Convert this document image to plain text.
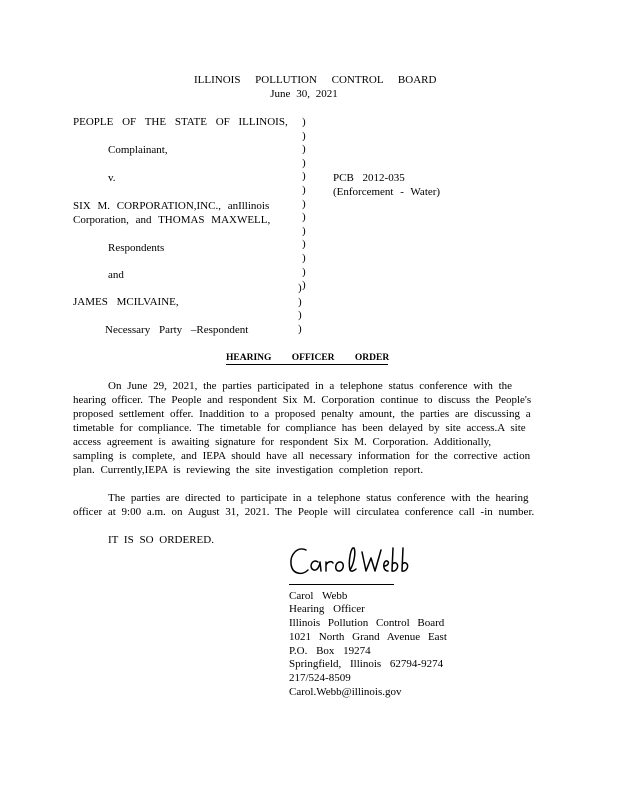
ILLINOIS POLLUTION CONTROL BOARD
June 30, 2021
PEOPLE OF THE STATE OF ILLINOIS,
Complainant,
v.
SIX M. CORPORATION,INC., anIllinois
Corporation, and THOMAS MAXWELL,
Respondents
and
JAMES MCILVAINE,
Necessary Party –Respondent
)
)
)
)
)
)
)
)
)
)
)
)
)
)
)
)
)
PCB 2012-035
(Enforcement - Water)
HEARING OFFICER ORDER
On June 29, 2021, the parties participated in a telephone status conference with the
hearing officer. The People and respondent Six M. Corporation continue to discuss the People's
proposed settlement offer. Inaddition to a proposed penalty amount, the parties are discussing a
timetable for compliance. The timetable for compliance has been delayed by site access.A site
access agreement is awaiting signature for respondent Six M. Corporation. Additionally,
sampling is complete, and IEPA should have all necessary information for the corrective action
plan. Currently,IEPA is reviewing the site investigation completion report.
The parties are directed to participate in a telephone status conference with the hearing
officer at 9:00 a.m. on August 31, 2021. The People will circulatea conference call -in number.
IT IS SO ORDERED.
Carol Webb
Hearing Officer
Illinois Pollution Control Board
1021 North Grand Avenue East
P.O. Box 19274
Springfield, Illinois 62794-9274
217/524-8509
Carol.Webb@illinois.gov
